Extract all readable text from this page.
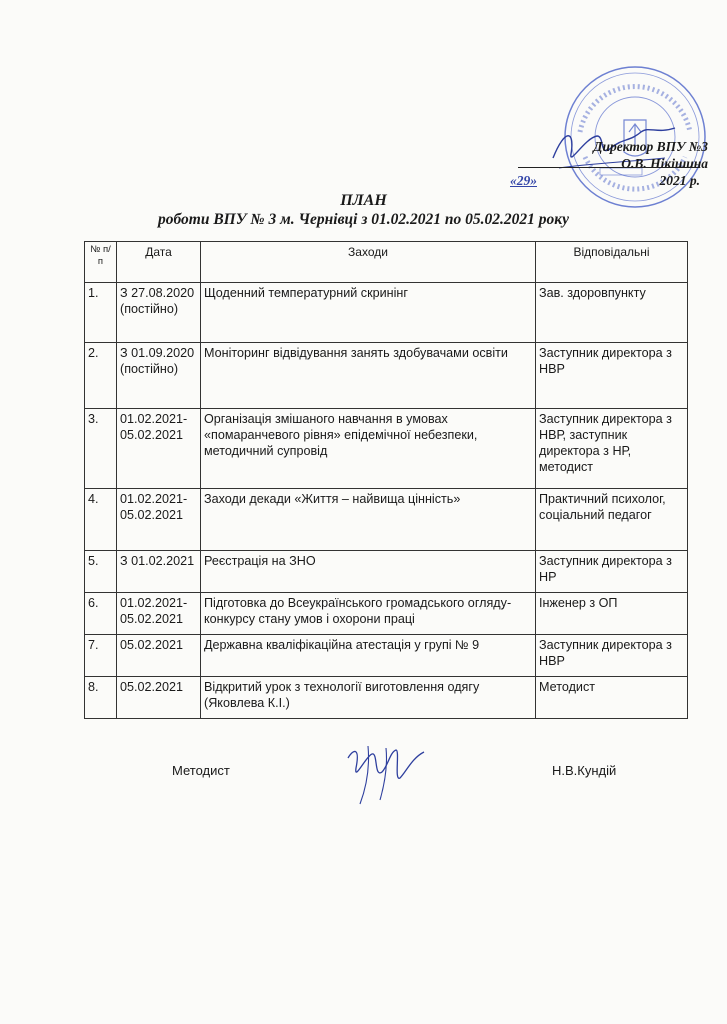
Директор ВПУ №3
О.В. Нікішина
«29»	2021 р.
ПЛАН
роботи ВПУ № 3 м. Чернівці з 01.02.2021 по 05.02.2021 року
№ п/п	Дата	Заходи	Відповідальні
1.	З 27.08.2020 (постійно)	Щоденний температурний скринінг	Зав. здоровпункту
2.	З 01.09.2020 (постійно)	Моніторинг відвідування занять здобувачами освіти	Заступник директора з НВР
3.	01.02.2021-05.02.2021	Організація змішаного навчання в умовах «помаранчевого рівня» епідемічної небезпеки, методичний супровід	Заступник директора з НВР, заступник директора з НР, методист
4.	01.02.2021-05.02.2021	Заходи декади «Життя – найвища цінність»	Практичний психолог, соціальний педагог
5.	З 01.02.2021	Реєстрація на ЗНО	Заступник директора з НР
6.	01.02.2021-05.02.2021	Підготовка до Всеукраїнського громадського огляду-конкурсу стану умов і охорони праці	Інженер з ОП
7.	05.02.2021	Державна кваліфікаційна атестація у групі № 9	Заступник директора з НВР
8.	05.02.2021	Відкритий урок з технології виготовлення одягу (Яковлева К.І.)	Методист
Методист	Н.В.Кундій
